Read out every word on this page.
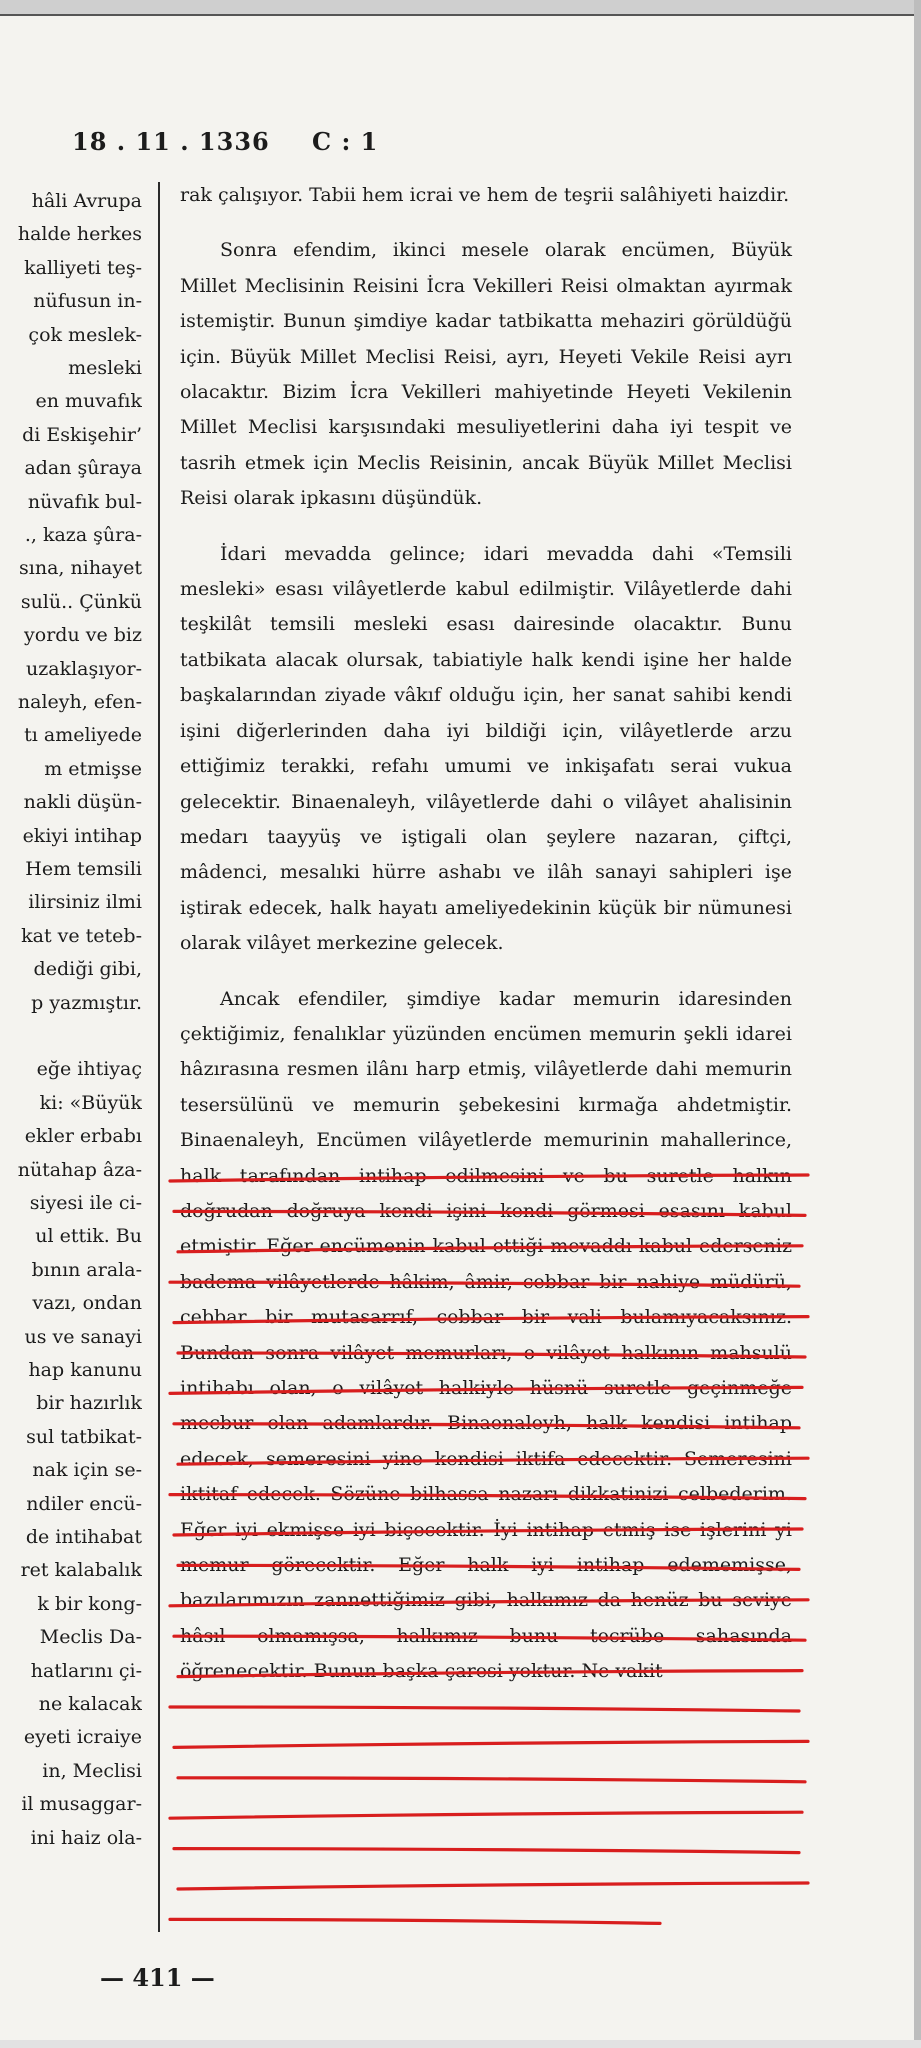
18 . 11 . 1336 C : 1
hâli Avrupa
halde herkes
kalliyeti teş-
nüfusun in-
çok meslek-
mesleki
en muvafık
di Eskişehir’
adan şûraya
nüvafık bul-
., kaza şûra-
sına, nihayet
sulü.. Çünkü
yordu ve biz
uzaklaşıyor-
naleyh, efen-
tı ameliyede
m etmişse
nakli düşün-
ekiyi intihap
Hem temsili
ilirsiniz ilmi
kat ve teteb-
dediği gibi,
p yazmıştır.
eğe ihtiyaç
ki: «Büyük
ekler erbabı
nütahap âza-
siyesi ile ci-
ul ettik. Bu
bının arala-
vazı, ondan
us ve sanayi
hap kanunu
bir hazırlık
sul tatbikat-
nak için se-
ndiler encü-
de intihabat
ret kalabalık
k bir kong-
Meclis Da-
hatlarını çi-
ne kalacak
eyeti icraiye
in, Meclisi
il musaggar-
ini haiz ola-

rak çalışıyor. Tabii hem icrai ve hem de teşrii salâhiyeti haizdir.

Sonra efendim, ikinci mesele olarak encümen, Büyük Millet Meclisinin Reisini İcra Vekilleri Reisi olmaktan ayırmak istemiştir. Bunun şimdiye kadar tatbikatta mehaziri görüldüğü için. Büyük Millet Meclisi Reisi, ayrı, Heyeti Vekile Reisi ayrı olacaktır. Bizim İcra Vekilleri mahiyetinde Heyeti Vekilenin Millet Meclisi karşısındaki mesuliyetlerini daha iyi tespit ve tasrih etmek için Meclis Reisinin, ancak Büyük Millet Meclisi Reisi olarak ipkasını düşündük.

İdari mevadda gelince; idari mevadda dahi «Temsili mesleki» esası vilâyetlerde kabul edilmiştir. Vilâyetlerde dahi teşkilât temsili mesleki esası dairesinde olacaktır. Bunu tatbikata alacak olursak, tabiatiyle halk kendi işine her halde başkalarından ziyade vâkıf olduğu için, her sanat sahibi kendi işini diğerlerinden daha iyi bildiği için, vilâyetlerde arzu ettiğimiz terakki, refahı umumi ve inkişafatı serai vukua gelecektir. Binaenaleyh, vilâyetlerde dahi o vilâyet ahalisinin medarı taayyüş ve iştigali olan şeylere nazaran, çiftçi, mâdenci, mesalıki hürre ashabı ve ilâh sanayi sahipleri işe iştirak edecek, halk hayatı ameliyedekinin küçük bir nümunesi olarak vilâyet merkezine gelecek.

Ancak efendiler, şimdiye kadar memurin idaresinden çektiğimiz, fenalıklar yüzünden encümen memurin şekli idarei hâzırasına resmen ilânı harp etmiş, vilâyetlerde dahi memurin tesersülünü ve memurin şebekesini kırmağa ahdetmiştir. Binaenaleyh, Encümen vilâyetlerde memurinin mahallerince, halk tarafından intihap edilmesini ve bu suretle halkın doğrudan doğruya kendi işini kendi görmesi esasını kabul etmiştir. Eğer encümenin kabul ettiği mevaddı kabul ederseniz badema vilâyetlerde hâkim, âmir, cebbar bir nahiye müdürü, cebbar bir mutasarrıf, cebbar bir vali bulamıyacaksınız. Bundan sonra vilâyet memurları, o vilâyet halkının mahsulü intihabı olan, o vilâyet halkiyle hüsnü suretle geçinmeğe mecbur olan adamlardır. Binaenaleyh, halk kendisi intihap edecek, semeresini yine kendisi iktifa edecektir. Semeresini iktitaf edecek. Sözüne bilhassa nazarı dikkatinizi celbederim. Eğer iyi ekmişse iyi biçecektir. İyi intihap etmiş ise işlerini yi memur görecektir. Eğer halk iyi intihap edememişse, bazılarımızın zannettiğimiz gibi, halkımız da henüz bu seviye hâsıl olmamışsa, halkımız bunu tecrübe sahasında öğrenecektir. Bunun başka çaresi yoktur. Ne vakit

— 411 —
